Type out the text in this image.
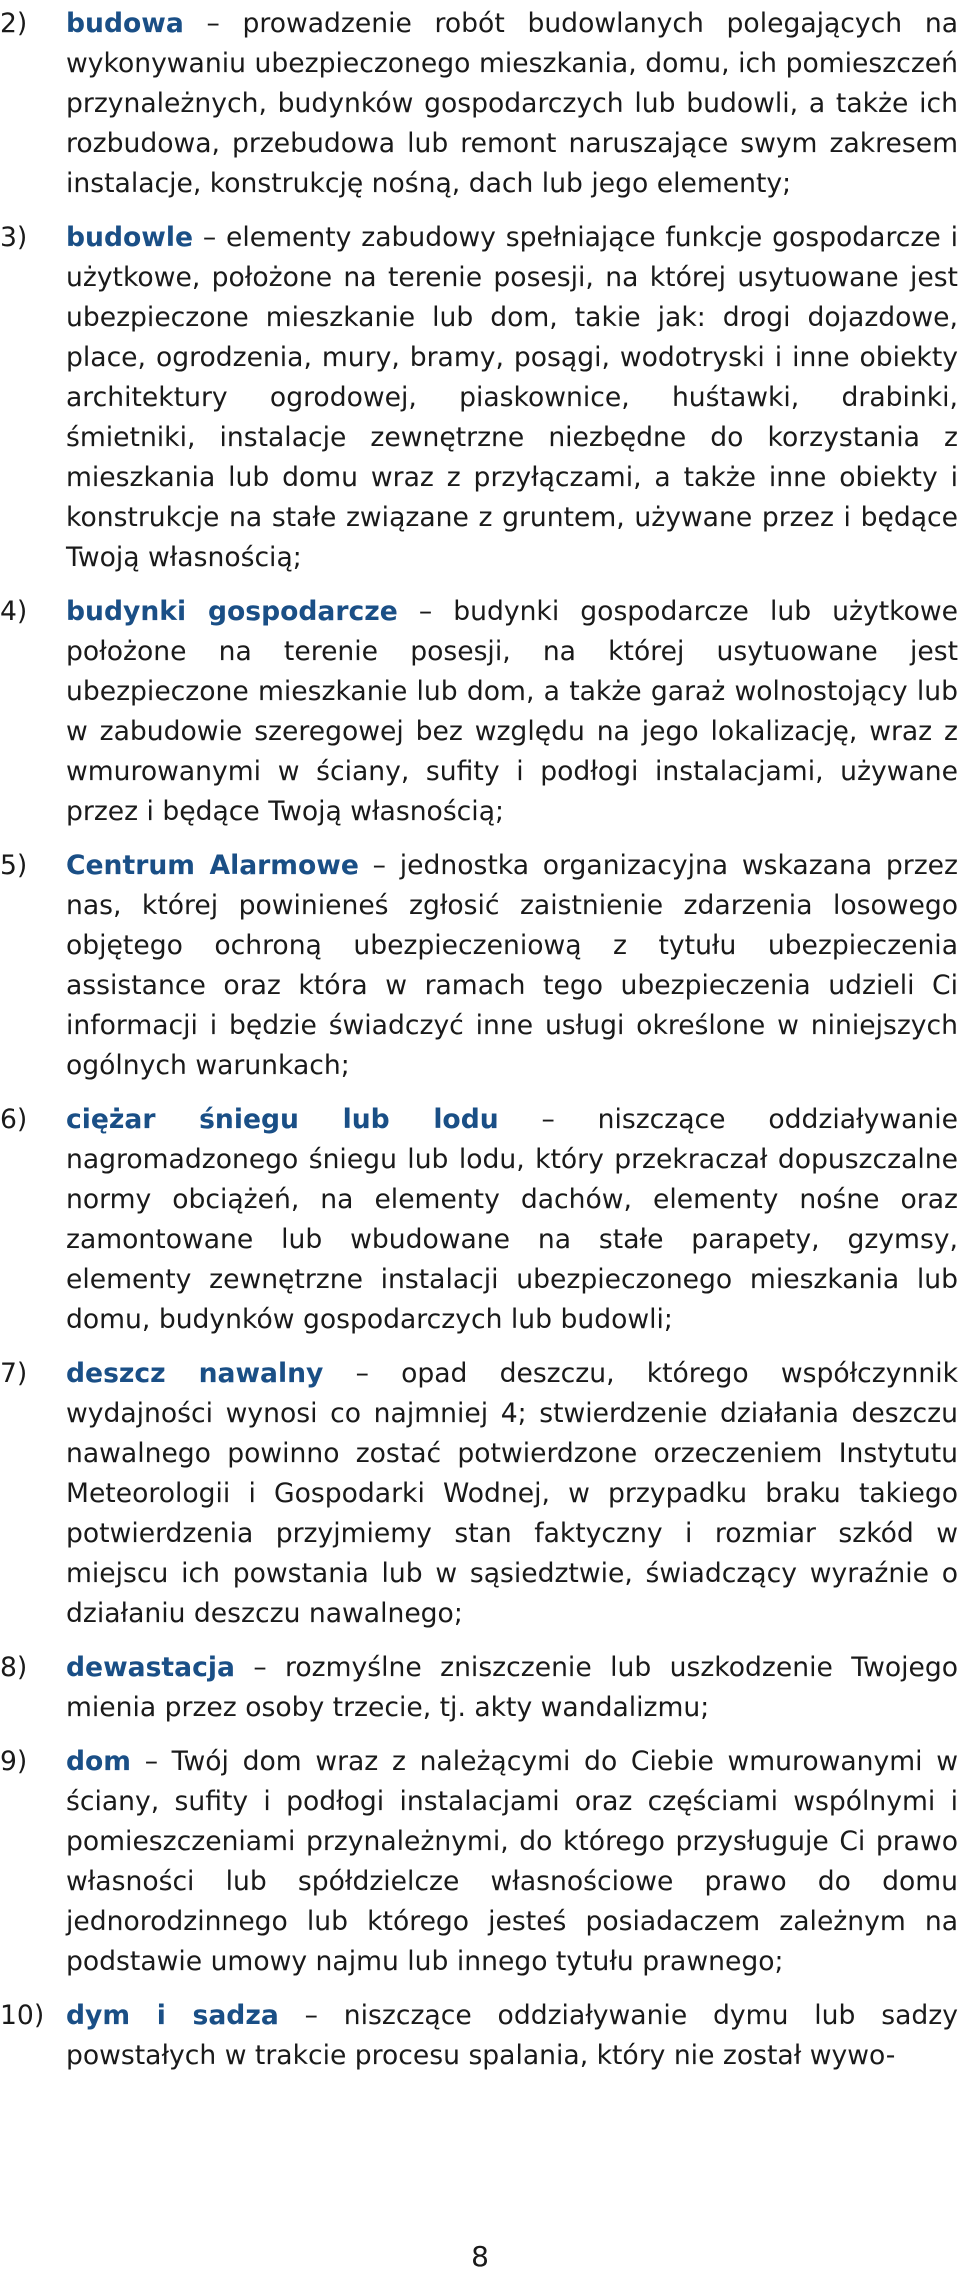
2)	budowa – prowadzenie robót budowlanych polegających na wykonywaniu ubezpieczonego mieszkania, domu, ich pomieszczeń przynależnych, budynków gospodarczych lub budowli, a także ich rozbudowa, przebudowa lub remont naruszające swym zakresem instalacje, konstrukcję nośną, dach lub jego elementy;
3)	budowle – elementy zabudowy spełniające funkcje gospodarcze i użytkowe, położone na terenie posesji, na której usytuowane jest ubezpieczone mieszkanie lub dom, takie jak: drogi dojazdowe, place, ogrodzenia, mury, bramy, posągi, wodotryski i inne obiekty architektury ogrodowej, piaskownice, huśtawki, drabinki, śmietniki, instalacje zewnętrzne niezbędne do korzystania z mieszkania lub domu wraz z przyłączami, a także inne obiekty i konstrukcje na stałe związane z gruntem, używane przez i będące Twoją własnością;
4)	budynki gospodarcze – budynki gospodarcze lub użytkowe położone na terenie posesji, na której usytuowane jest ubezpieczone mieszkanie lub dom, a także garaż wolnostojący lub w zabudowie szeregowej bez względu na jego lokalizację, wraz z wmurowanymi w ściany, sufity i podłogi instalacjami, używane przez i będące Twoją własnością;
5)	Centrum Alarmowe – jednostka organizacyjna wskazana przez nas, której powinieneś zgłosić zaistnienie zdarzenia losowego objętego ochroną ubezpieczeniową z tytułu ubezpieczenia assistance oraz która w ramach tego ubezpieczenia udzieli Ci informacji i będzie świadczyć inne usługi określone w niniejszych ogólnych warunkach;
6)	ciężar śniegu lub lodu – niszczące oddziaływanie nagromadzonego śniegu lub lodu, który przekraczał dopuszczalne normy obciążeń, na elementy dachów, elementy nośne oraz zamontowane lub wbudowane na stałe parapety, gzymsy, elementy zewnętrzne instalacji ubezpieczonego mieszkania lub domu, budynków gospodarczych lub budowli;
7)	deszcz nawalny – opad deszczu, którego współczynnik wydajności wynosi co najmniej 4; stwierdzenie działania deszczu nawalnego powinno zostać potwierdzone orzeczeniem Instytutu Meteorologii i Gospodarki Wodnej, w przypadku braku takiego potwierdzenia przyjmiemy stan faktyczny i rozmiar szkód w miejscu ich powstania lub w sąsiedztwie, świadczący wyraźnie o działaniu deszczu nawalnego;
8)	dewastacja – rozmyślne zniszczenie lub uszkodzenie Twojego mienia przez osoby trzecie, tj. akty wandalizmu;
9)	dom – Twój dom wraz z należącymi do Ciebie wmurowanymi w ściany, sufity i podłogi instalacjami oraz częściami wspólnymi i pomieszczeniami przynależnymi, do którego przysługuje Ci prawo własności lub spółdzielcze własnościowe prawo do domu jednorodzinnego lub którego jesteś posiadaczem zależnym na podstawie umowy najmu lub innego tytułu prawnego;
10) dym i sadza – niszczące oddziaływanie dymu lub sadzy powstałych w trakcie procesu spalania, który nie został wywo-
8
